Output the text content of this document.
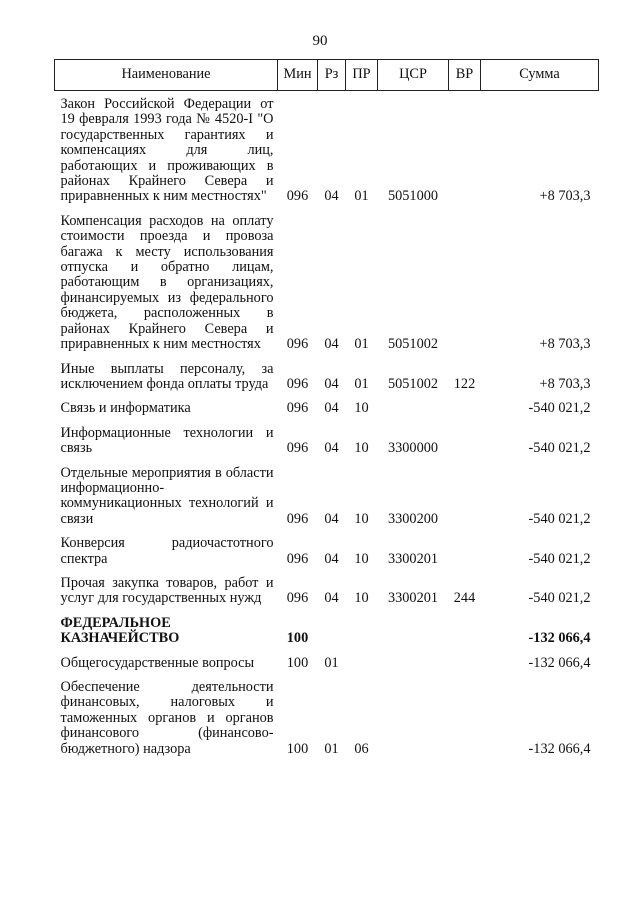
90
Наименование	Мин	Рз	ПР	ЦСР	ВР	Сумма

Закон Российской Федерации от 19 февраля 1993 года № 4520-I "О государственных гарантиях и компенсациях для лиц, работающих и проживающих в районах Крайнего Севера и приравненных к ним местностях"	096	04	01	5051000		+8 703,3

Компенсация расходов на оплату стоимости проезда и провоза багажа к месту использования отпуска и обратно лицам, работающим в организациях, финансируемых из федерального бюджета, расположенных в районах Крайнего Севера и приравненных к ним местностях	096	04	01	5051002		+8 703,3

Иные выплаты персоналу, за исключением фонда оплаты труда	096	04	01	5051002	122	+8 703,3

Связь и информатика	096	04	10			-540 021,2

Информационные технологии и связь	096	04	10	3300000		-540 021,2

Отдельные мероприятия в области информационно-коммуникационных технологий и связи	096	04	10	3300200		-540 021,2

Конверсия радиочастотного спектра	096	04	10	3300201		-540 021,2

Прочая закупка товаров, работ и услуг для государственных нужд	096	04	10	3300201	244	-540 021,2

ФЕДЕРАЛЬНОЕ КАЗНАЧЕЙСТВО	100					-132 066,4

Общегосударственные вопросы	100	01				-132 066,4

Обеспечение деятельности финансовых, налоговых и таможенных органов и органов финансового (финансово-бюджетного) надзора	100	01	06			-132 066,4
